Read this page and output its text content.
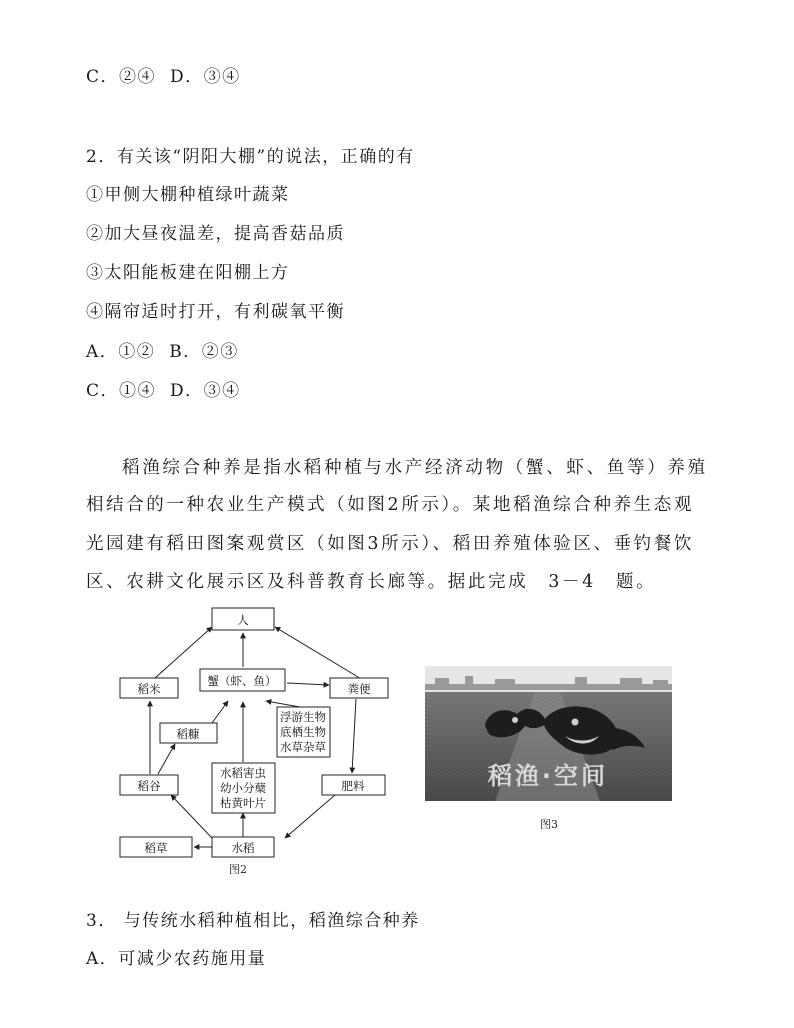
C．②④ D．③④
2．有关该“阴阳大棚”的说法，正确的有
①甲侧大棚种植绿叶蔬菜
②加大昼夜温差，提高香菇品质
③太阳能板建在阳棚上方
④隔帘适时打开，有利碳氧平衡
A．①② B．②③
C．①④ D．③④
稻渔综合种养是指水稻种植与水产经济动物（蟹、虾、鱼等）养殖
相结合的一种农业生产模式（如图2所示）。某地稻渔综合种养生态观
光园建有稻田图案观赏区（如图3所示）、稻田养殖体验区、垂钓餐饮
区、农耕文化展示区及科普教育长廊等。据此完成　3－4　题。
人
稻米
蟹（虾、鱼）
粪便
稻糠
浮游生物
底栖生物
水草杂草
稻谷
水稻害虫
幼小分蘖
枯黄叶片
肥料
稻草	水稻
图2
稻渔·空间
图3
3． 与传统水稻种植相比，稻渔综合种养
A．可减少农药施用量
